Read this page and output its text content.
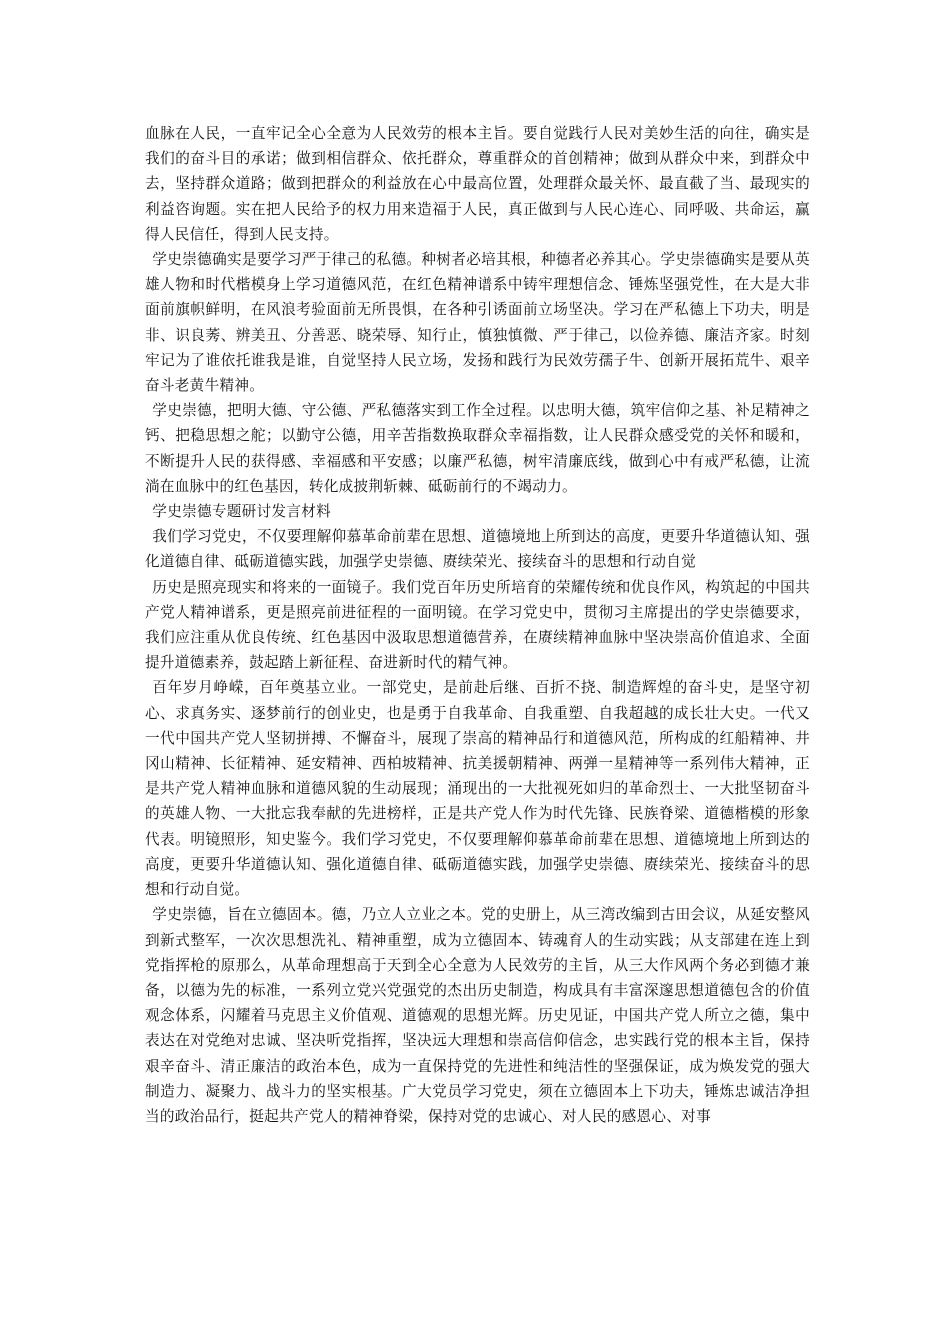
血脉在人民，一直牢记全心全意为人民效劳的根本主旨。要自觉践行人民对美妙生活的向往，确实是我们的奋斗目的承诺；做到相信群众、依托群众，尊重群众的首创精神；做到从群众中来，到群众中去，坚持群众道路；做到把群众的利益放在心中最高位置，处理群众最关怀、最直截了当、最现实的利益咨询题。实在把人民给予的权力用来造福于人民，真正做到与人民心连心、同呼吸、共命运，赢得人民信任，得到人民支持。

学史崇德确实是要学习严于律己的私德。种树者必培其根，种德者必养其心。学史崇德确实是要从英雄人物和时代楷模身上学习道德风范，在红色精神谱系中铸牢理想信念、锤炼坚强党性，在大是大非面前旗帜鲜明，在风浪考验面前无所畏惧，在各种引诱面前立场坚决。学习在严私德上下功夫，明是非、识良莠、辨美丑、分善恶、晓荣辱、知行止，慎独慎微、严于律己，以俭养德、廉洁齐家。时刻牢记为了谁依托谁我是谁，自觉坚持人民立场，发扬和践行为民效劳孺子牛、创新开展拓荒牛、艰辛奋斗老黄牛精神。

学史崇德，把明大德、守公德、严私德落实到工作全过程。以忠明大德，筑牢信仰之基、补足精神之钙、把稳思想之舵；以勤守公德，用辛苦指数换取群众幸福指数，让人民群众感受党的关怀和暖和，不断提升人民的获得感、幸福感和平安感；以廉严私德，树牢清廉底线，做到心中有戒严私德，让流淌在血脉中的红色基因，转化成披荆斩棘、砥砺前行的不竭动力。

学史崇德专题研讨发言材料

我们学习党史，不仅要理解仰慕革命前辈在思想、道德境地上所到达的高度，更要升华道德认知、强化道德自律、砥砺道德实践，加强学史崇德、赓续荣光、接续奋斗的思想和行动自觉

历史是照亮现实和将来的一面镜子。我们党百年历史所培育的荣耀传统和优良作风，构筑起的中国共产党人精神谱系，更是照亮前进征程的一面明镜。在学习党史中，贯彻习主席提出的学史崇德要求，我们应注重从优良传统、红色基因中汲取思想道德营养，在赓续精神血脉中坚决崇高价值追求、全面提升道德素养，鼓起踏上新征程、奋进新时代的精气神。

百年岁月峥嵘，百年奠基立业。一部党史，是前赴后继、百折不挠、制造辉煌的奋斗史，是坚守初心、求真务实、逐梦前行的创业史，也是勇于自我革命、自我重塑、自我超越的成长壮大史。一代又一代中国共产党人坚韧拼搏、不懈奋斗，展现了崇高的精神品行和道德风范，所构成的红船精神、井冈山精神、长征精神、延安精神、西柏坡精神、抗美援朝精神、两弹一星精神等一系列伟大精神，正是共产党人精神血脉和道德风貌的生动展现；涌现出的一大批视死如归的革命烈士、一大批坚韧奋斗的英雄人物、一大批忘我奉献的先进榜样，正是共产党人作为时代先锋、民族脊梁、道德楷模的形象代表。明镜照形，知史鉴今。我们学习党史，不仅要理解仰慕革命前辈在思想、道德境地上所到达的高度，更要升华道德认知、强化道德自律、砥砺道德实践，加强学史崇德、赓续荣光、接续奋斗的思想和行动自觉。

学史崇德，旨在立德固本。德，乃立人立业之本。党的史册上，从三湾改编到古田会议，从延安整风到新式整军，一次次思想洗礼、精神重塑，成为立德固本、铸魂育人的生动实践；从支部建在连上到党指挥枪的原那么，从革命理想高于天到全心全意为人民效劳的主旨，从三大作风两个务必到德才兼备，以德为先的标准，一系列立党兴党强党的杰出历史制造，构成具有丰富深邃思想道德包含的价值观念体系，闪耀着马克思主义价值观、道德观的思想光辉。历史见证，中国共产党人所立之德，集中表达在对党绝对忠诚、坚决听党指挥，坚决远大理想和崇高信仰信念，忠实践行党的根本主旨，保持艰辛奋斗、清正廉洁的政治本色，成为一直保持党的先进性和纯洁性的坚强保证，成为焕发党的强大制造力、凝聚力、战斗力的坚实根基。广大党员学习党史，须在立德固本上下功夫，锤炼忠诚洁净担当的政治品行，挺起共产党人的精神脊梁，保持对党的忠诚心、对人民的感恩心、对事
